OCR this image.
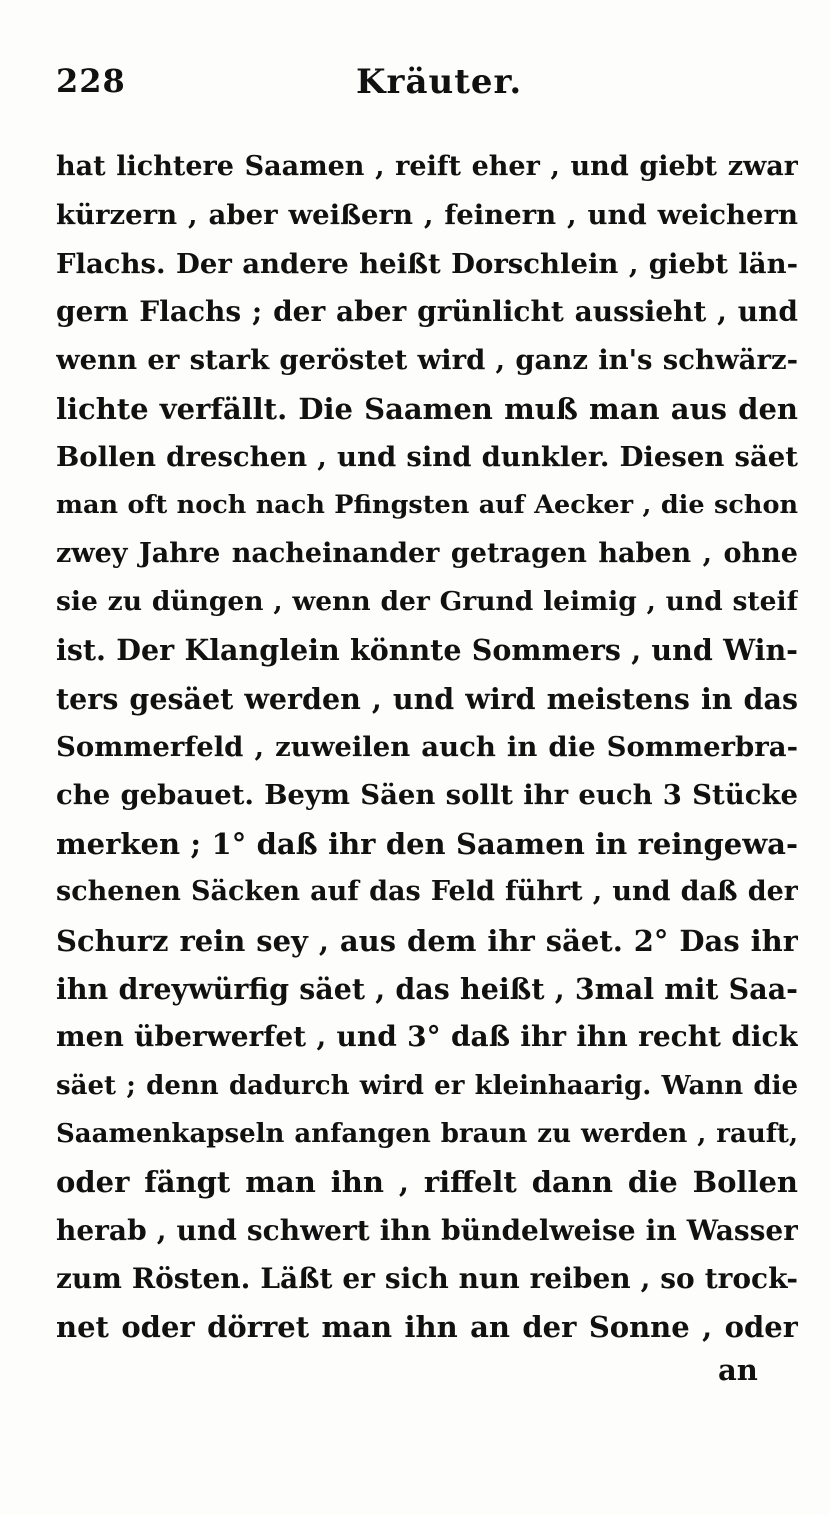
228	Kräuter.
hat lichtere Saamen , reift eher , und giebt zwar
kürzern , aber weißern , feinern , und weichern
Flachs. Der andere heißt Dorschlein , giebt län-
gern Flachs ; der aber grünlicht aussieht , und
wenn er stark geröstet wird , ganz in's schwärz-
lichte verfällt. Die Saamen muß man aus den
Bollen dreschen , und sind dunkler. Diesen säet
man oft noch nach Pfingsten auf Aecker , die schon
zwey Jahre nacheinander getragen haben , ohne
sie zu düngen , wenn der Grund leimig , und steif
ist. Der Klanglein könnte Sommers , und Win-
ters gesäet werden , und wird meistens in das
Sommerfeld , zuweilen auch in die Sommerbra-
che gebauet. Beym Säen sollt ihr euch 3 Stücke
merken ; 1° daß ihr den Saamen in reingewa-
schenen Säcken auf das Feld führt , und daß der
Schurz rein sey , aus dem ihr säet. 2° Das ihr
ihn dreywürfig säet , das heißt , 3mal mit Saa-
men überwerfet , und 3° daß ihr ihn recht dick
säet ; denn dadurch wird er kleinhaarig. Wann die
Saamenkapseln anfangen braun zu werden , rauft,
oder fängt man ihn , riffelt dann die Bollen
herab , und schwert ihn bündelweise in Wasser
zum Rösten. Läßt er sich nun reiben , so trock-
net oder dörret man ihn an der Sonne , oder
an
